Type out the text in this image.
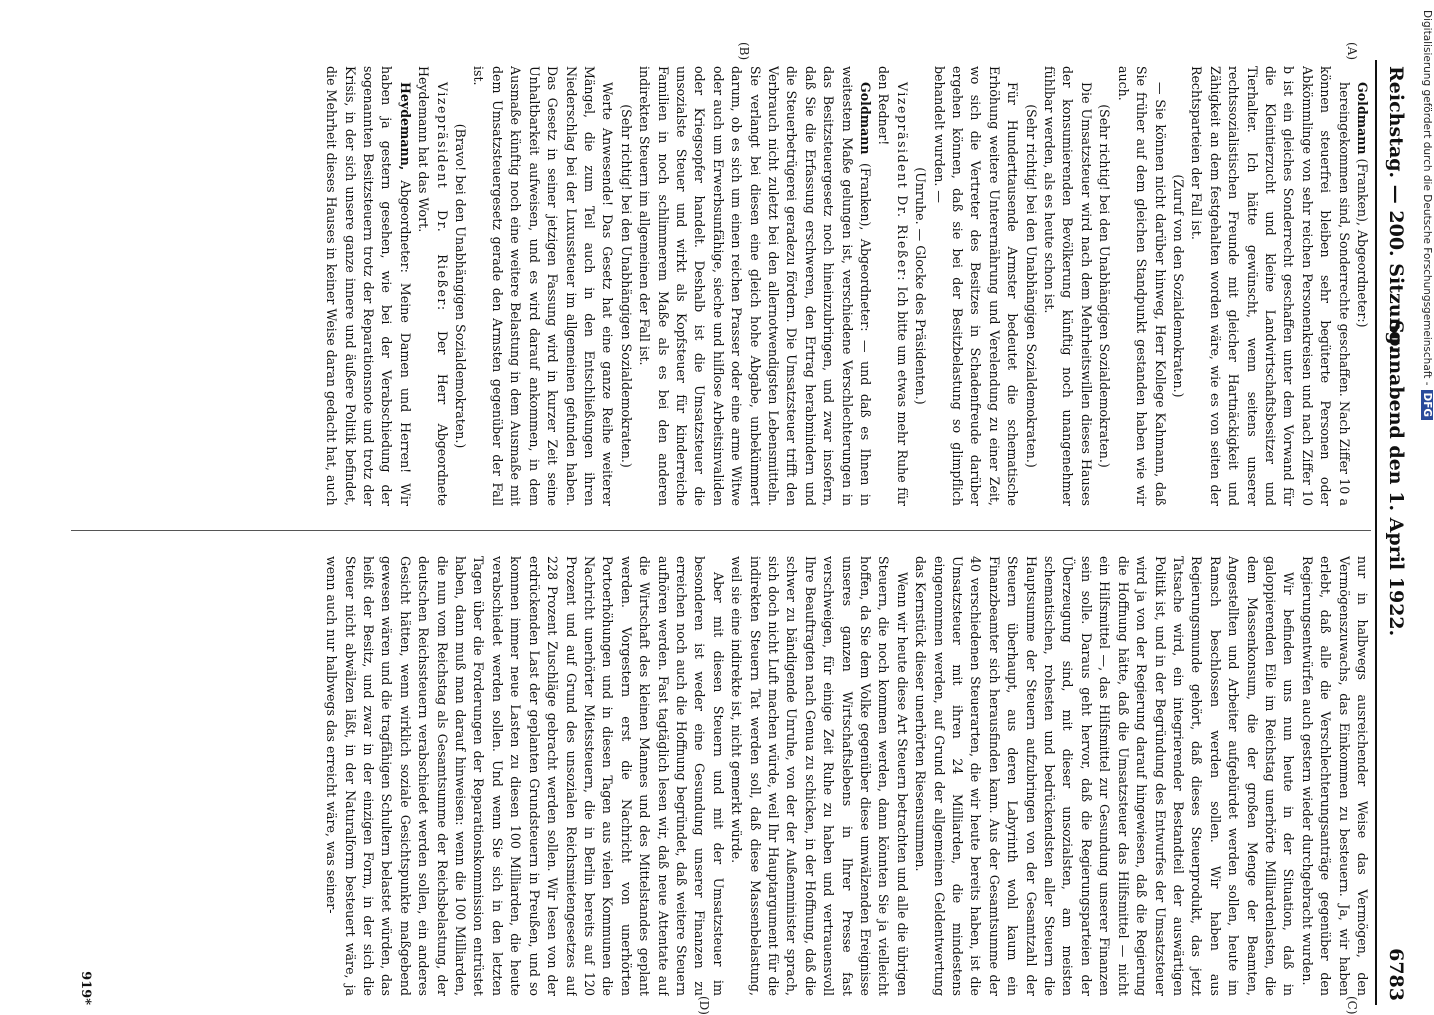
Reichstag. — 200. Sitzung.
Sonnabend den 1. April 1922.
6783
(A)
(B)
(C)
(D)

Goldmann (Franken), Abgeordneter:)

hereingekommen sind, Sonderrechte geschaffen. Nach Ziffer 10 a können steuerfrei bleiben sehr begüterte Personen oder Abkömmlinge von sehr reichen Personenkreisen und nach Ziffer 10 b ist ein gleiches Sonderrecht geschaffen unter dem Vorwand für die Kleintierzucht und kleine Landwirtschaftsbesitzer und Tierhalter. Ich hätte gewünscht, wenn seitens unserer rechtssozialistischen Freunde mit gleicher Hartnäckigkeit und Zähigkeit an dem festgehalten worden wäre, wie es von seiten der Rechtsparteien der Fall ist.

(Zuruf von den Sozialdemokraten.)

— Sie können nicht darüber hinweg, Herr Kollege Kahmann, daß Sie früher auf dem gleichen Standpunkt gestanden haben wie wir auch.

(Sehr richtig! bei den Unabhängigen Sozialdemokraten.)

Die Umsatzsteuer wird nach dem Mehrheitswillen dieses Hauses der konsumierenden Bevölkerung künftig noch unangenehmer fühlbar werden, als es heute schon ist.

(Sehr richtig! bei den Unabhängigen Sozialdemokraten.)

Für Hunderttausende Armster bedeutet die schematische Erhöhung weitere Unterernährung und Verelendung zu einer Zeit, wo sich die Vertreter des Besitzes in Schadenfreude darüber ergehen können, daß sie bei der Besitzbelastung so glimpflich behandelt wurden. —

(Unruhe. — Glocke des Präsidenten.)

Vizepräsident Dr. Rießer: Ich bitte um etwas mehr Ruhe für den Redner!

Goldmann (Franken), Abgeordneter: — und daß es Ihnen in weitestem Maße gelungen ist, verschiedene Verschlechterungen in das Besitzsteuergesetz noch hineinzubringen, und zwar insofern, daß Sie die Erfassung erschweren, den Ertrag herabmindern und die Steuerbetrügerei geradezu fördern. Die Umsatzsteuer trifft den Verbrauch nicht zuletzt bei den allernotwendigsten Lebensmitteln. Sie verlangt bei diesen eine gleich hohe Abgabe, unbekümmert darum, ob es sich um einen reichen Prasser oder eine arme Witwe oder auch um Erwerbsunfähige, sieche und hilflose Arbeitsinvaliden oder Kriegsopfer handelt. Deshalb ist die Umsatzsteuer die unsozialste Steuer und wirkt als Kopfsteuer für kinderreiche Familien in noch schlimmerem Maße als es bei den anderen indirekten Steuern im allgemeinen der Fall ist.

(Sehr richtig! bei den Unabhängigen Sozialdemokraten.)

Werte Anwesende! Das Gesetz hat eine ganze Reihe weiterer Mängel, die zum Teil auch in den Entschließungen ihren Niederschlag bei der Luxussteuer im allgemeinen gefunden haben. Das Gesetz in seiner jetzigen Fassung wird in kurzer Zeit seine Unhaltbarkeit aufweisen, und es wird darauf ankommen, in dem Ausmaße künftig noch eine weitere Belastung in dem Ausmaße mit dem Umsatzsteuergesetz gerade den Armsten gegenüber der Fall ist.

(Bravo! bei den Unabhängigen Sozialdemokraten.)

Vizepräsident Dr. Rießer: Der Herr Abgeordnete Heydemann hat das Wort.

Heydemann, Abgeordneter: Meine Damen und Herren! Wir haben ja gestern gesehen, wie bei der Verabschiedung der sogenannten Besitzsteuern trotz der Reparationsnote und trotz der Krisis, in der sich unsere ganze innere und äußere Politik befindet, die Mehrheit dieses Hauses in keiner Weise daran gedacht hat, auch

nur in halbwegs ausreichender Weise das Vermögen, den Vermögenszuwachs, das Einkommen zu besteuern. Ja, wir haben erlebt, daß alle die Verschlechterungsanträge gegenüber den Regierungsentwürfen auch gestern wieder durchgebracht wurden.

Wir befinden uns nun heute in der Situation, daß in galoppierenden Eile im Reichstag unerhörte Milliardenlasten, die dem Massenkonsum, die der großen Menge der Beamten, Angestellten und Arbeiter aufgebürdet werden sollen, heute im Ramsch beschlossen werden sollen. Wir haben aus Regierungsmunde gehört, daß dieses Steuerprodukt, das jetzt Tatsache wird, ein integrierender Bestandteil der auswärtigen Politik ist, und in der Begründung des Entwurfes der Umsatzsteuer wird ja von der Regierung darauf hingewiesen, daß die Regierung die Hoffnung hätte, daß die Umsatzsteuer das Hilfsmittel — nicht ein Hilfsmittel —, das Hilfsmittel zur Gesundung unserer Finanzen sein solle. Daraus geht hervor, daß die Regierungsparteien der Überzeugung sind, mit dieser unsozialsten, am meisten schematischen, rohesten und bedrückendsten aller Steuern die Hauptsumme der Steuern aufzubringen von der Gesamtzahl der Steuern überhaupt, aus deren Labyrinth wohl kaum ein Finanzbeamter sich herausfinden kann. Aus der Gesamtsumme der 40 verschiedenen Steuerarten, die wir heute bereits haben, ist die Umsatzsteuer mit ihren 24 Milliarden, die mindestens eingenommen werden, auf Grund der allgemeinen Geldentwertung das Kernstück dieser unerhörten Riesensummen.

Wenn wir heute diese Art Steuern betrachten und alle die übrigen Steuern, die noch kommen werden, dann könnten Sie ja vielleicht hoffen, da Sie dem Volke gegenüber diese umwälzenden Ereignisse unseres ganzen Wirtschaftslebens in Ihrer Presse fast verschweigen, für einige Zeit Ruhe zu haben und vertrauensvoll Ihre Beauftragten nach Genua zu schicken, in der Hoffnung, daß die schwer zu bändigende Unruhe, von der der Außenminister sprach, sich doch nicht Luft machen würde, weil Ihr Hauptargument für die indirekten Steuern Tat werden soll, daß diese Massenbelastung, weil sie eine indirekte ist, nicht gemerkt würde.

Aber mit diesen Steuern und mit der Umsatzsteuer im besonderen ist weder eine Gesundung unserer Finanzen zu erreichen noch auch die Hoffnung begründet, daß weitere Steuern aufhören werden. Fast tagtäglich lesen wir, daß neue Attentate auf die Wirtschaft des kleinen Mannes und des Mittelstandes geplant werden. Vorgestern erst die Nachricht von unerhörten Portoerhöhungen und in diesen Tagen aus vielen Kommunen die Nachricht unerhörter Mietssteuern, die in Berlin bereits auf 120 Prozent und auf Grund des unsozialen Reichsmietengesetzes auf 228 Prozent Zuschläge gebracht werden sollen. Wir lesen von der erdrückenden Last der geplanten Grundsteuern in Preußen, und so kommen immer neue Lasten zu diesen 100 Milliarden, die heute verabschiedet werden sollen. Und wenn Sie sich in den letzten Tagen über die Forderungen der Reparationskommission entrüstet haben, dann muß man darauf hinweisen: wenn die 100 Milliarden, die nun vom Reichstag als Gesamtsumme der Reichsbelastung, der deutschen Reichssteuern verabschiedet werden sollen, ein anderes Gesicht hätten, wenn wirklich soziale Gesichtspunkte maßgebend gewesen wären und die tragfähigen Schultern belastet würden, das heißt der Besitz, und zwar in der einzigen Form, in der sich die Steuer nicht abwälzen läßt, in der Naturalform besteuert wäre, ja wenn auch nur halbwegs das erreicht wäre, was seiner-

919*
Digitalisierung gefördert durch die Deutsche Forschungsgemeinschaft -DFG
